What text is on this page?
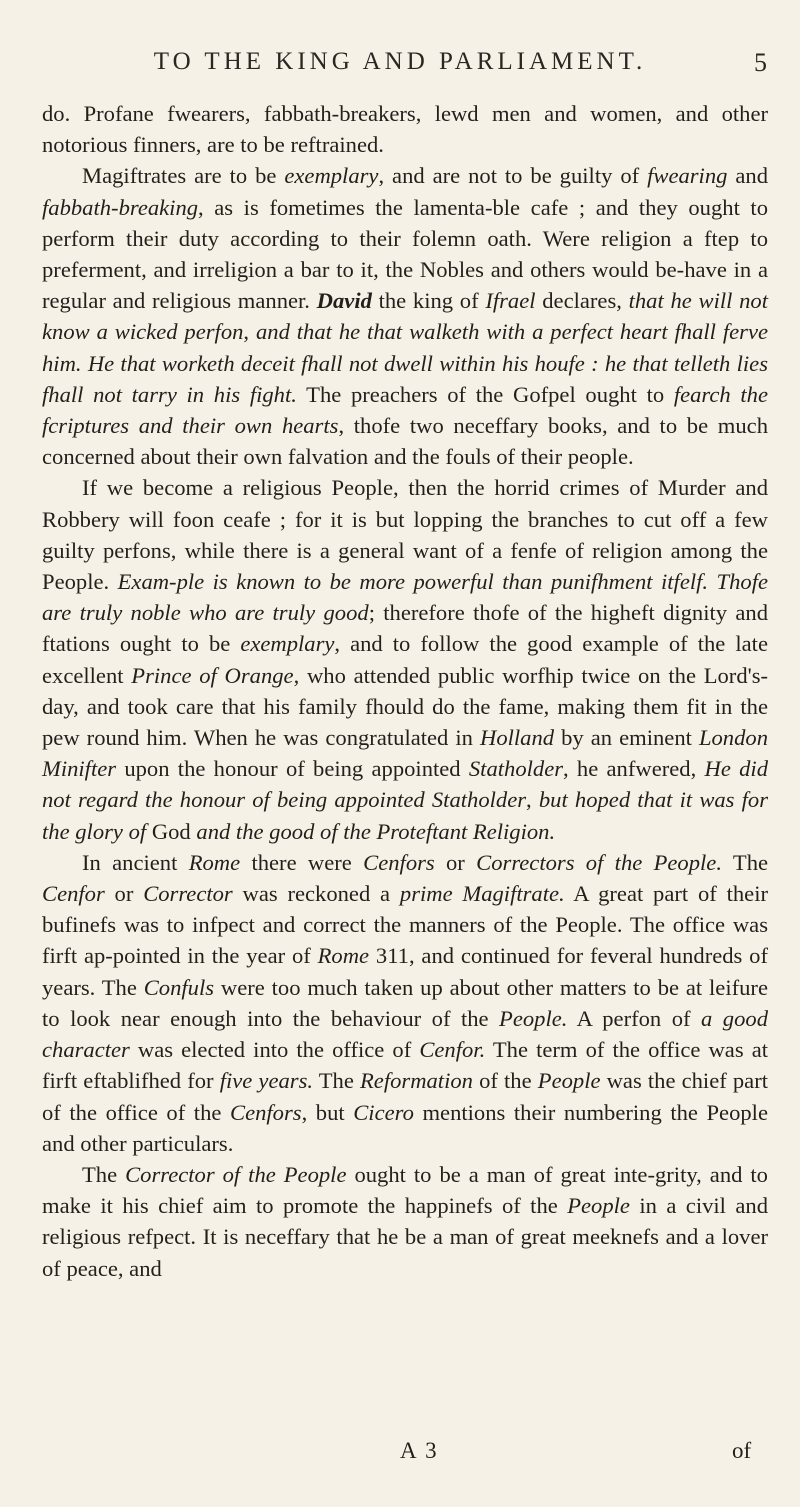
TO THE KING AND PARLIAMENT.	5

do. Profane fwearers, fabbath-breakers, lewd men and women, and other notorious finners, are to be reftrained.

Magiftrates are to be exemplary, and are not to be guilty of fwearing and fabbath-breaking, as is fometimes the lamenta-ble cafe ; and they ought to perform their duty according to their folemn oath. Were religion a ftep to preferment, and irreligion a bar to it, the Nobles and others would be-have in a regular and religious manner. David the king of Ifrael declares, that he will not know a wicked perfon, and that he that walketh with a perfect heart fhall ferve him. He that worketh deceit fhall not dwell within his houfe : he that telleth lies fhall not tarry in his fight. The preachers of the Gofpel ought to fearch the fcriptures and their own hearts, thofe two neceffary books, and to be much concerned about their own falvation and the fouls of their people.

If we become a religious People, then the horrid crimes of Murder and Robbery will foon ceafe ; for it is but lopping the branches to cut off a few guilty perfons, while there is a general want of a fenfe of religion among the People. Exam-ple is known to be more powerful than punifhment itfelf. Thofe are truly noble who are truly good; therefore thofe of the higheft dignity and ftations ought to be exemplary, and to follow the good example of the late excellent Prince of Orange, who attended public worfhip twice on the Lord's-day, and took care that his family fhould do the fame, making them fit in the pew round him. When he was congratulated in Holland by an eminent London Minifter upon the honour of being appointed Statholder, he anfwered, He did not regard the honour of being appointed Statholder, but hoped that it was for the glory of God and the good of the Proteftant Religion.

In ancient Rome there were Cenfors or Correctors of the People. The Cenfor or Corrector was reckoned a prime Magiftrate. A great part of their bufinefs was to infpect and correct the manners of the People. The office was firft ap-pointed in the year of Rome 311, and continued for feveral hundreds of years. The Confuls were too much taken up about other matters to be at leifure to look near enough into the behaviour of the People. A perfon of a good character was elected into the office of Cenfor. The term of the office was at firft eftablifhed for five years. The Reformation of the People was the chief part of the office of the Cenfors, but Cicero mentions their numbering the People and other particulars.

The Corrector of the People ought to be a man of great inte-grity, and to make it his chief aim to promote the happinefs of the People in a civil and religious refpect. It is neceffary that he be a man of great meeknefs and a lover of peace, and

A 3	of
